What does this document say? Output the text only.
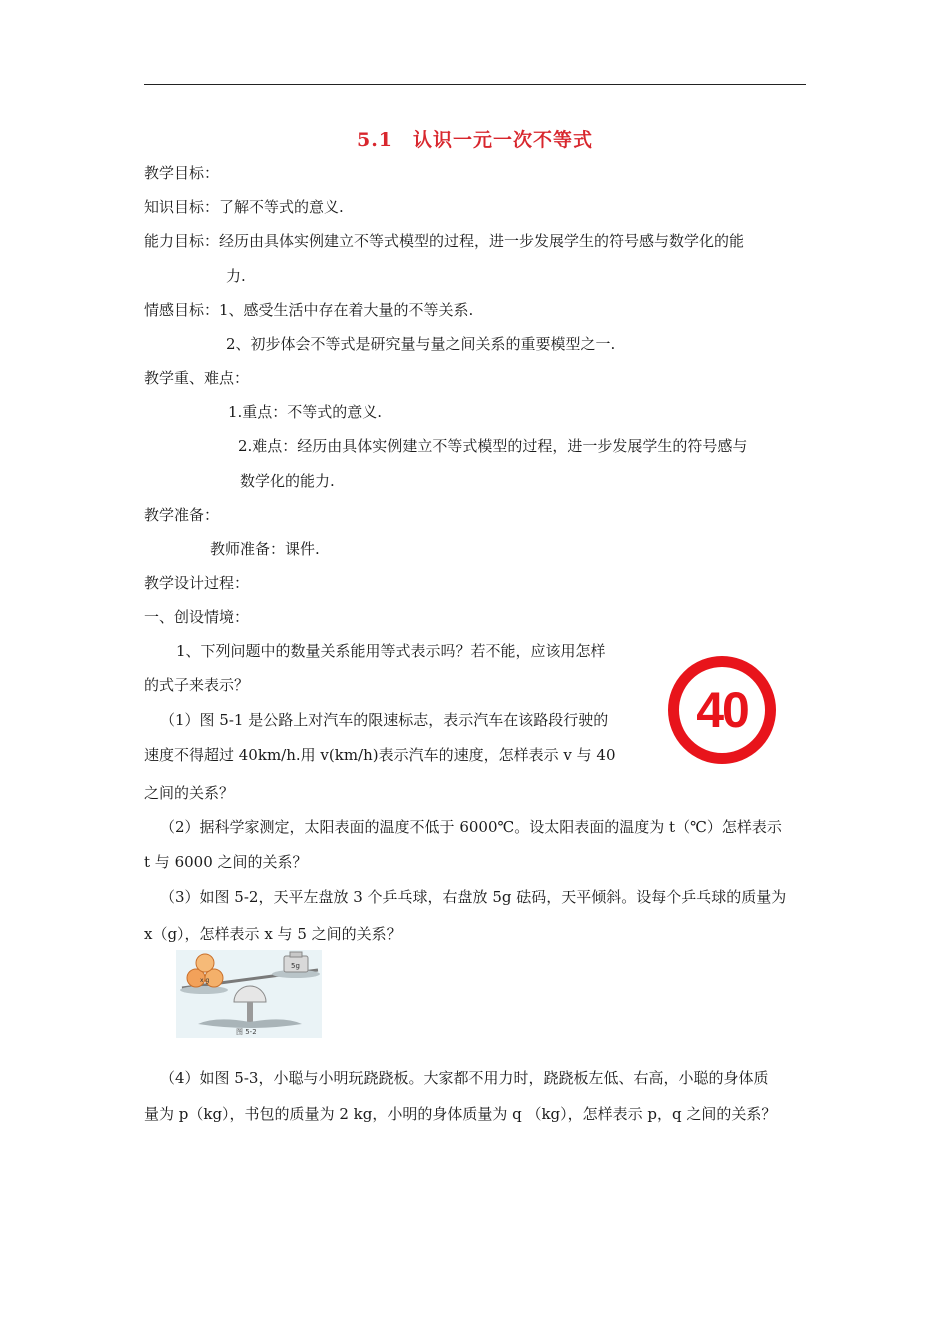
5.1　认识一元一次不等式
教学目标：
知识目标：了解不等式的意义.
能力目标：经历由具体实例建立不等式模型的过程，进一步发展学生的符号感与数学化的能
力.
情感目标：1、感受生活中存在着大量的不等关系.
2、初步体会不等式是研究量与量之间关系的重要模型之一.
教学重、难点：
1.重点：不等式的意义.
2.难点：经历由具体实例建立不等式模型的过程，进一步发展学生的符号感与
数学化的能力.
教学准备：
教师准备：课件.
教学设计过程：
一、创设情境：
1、下列问题中的数量关系能用等式表示吗？若不能，应该用怎样
的式子来表示？
（1）图 5-1 是公路上对汽车的限速标志，表示汽车在该路段行驶的
速度不得超过 40km/h.用 v(km/h)表示汽车的速度，怎样表示 v 与 40
之间的关系？
40
（2）据科学家测定，太阳表面的温度不低于 6000℃。设太阳表面的温度为 t（℃）怎样表示
t 与 6000 之间的关系？
（3）如图 5-2，天平左盘放 3 个乒乓球，右盘放 5g 砝码，天平倾斜。设每个乒乓球的质量为
x（g），怎样表示 x 与 5 之间的关系？
x g
5g
图 5-2
（4）如图 5-3，小聪与小明玩跷跷板。大家都不用力时，跷跷板左低、右高，小聪的身体质
量为 p（kg），书包的质量为 2 kg，小明的身体质量为 q （kg），怎样表示 p，q 之间的关系？
